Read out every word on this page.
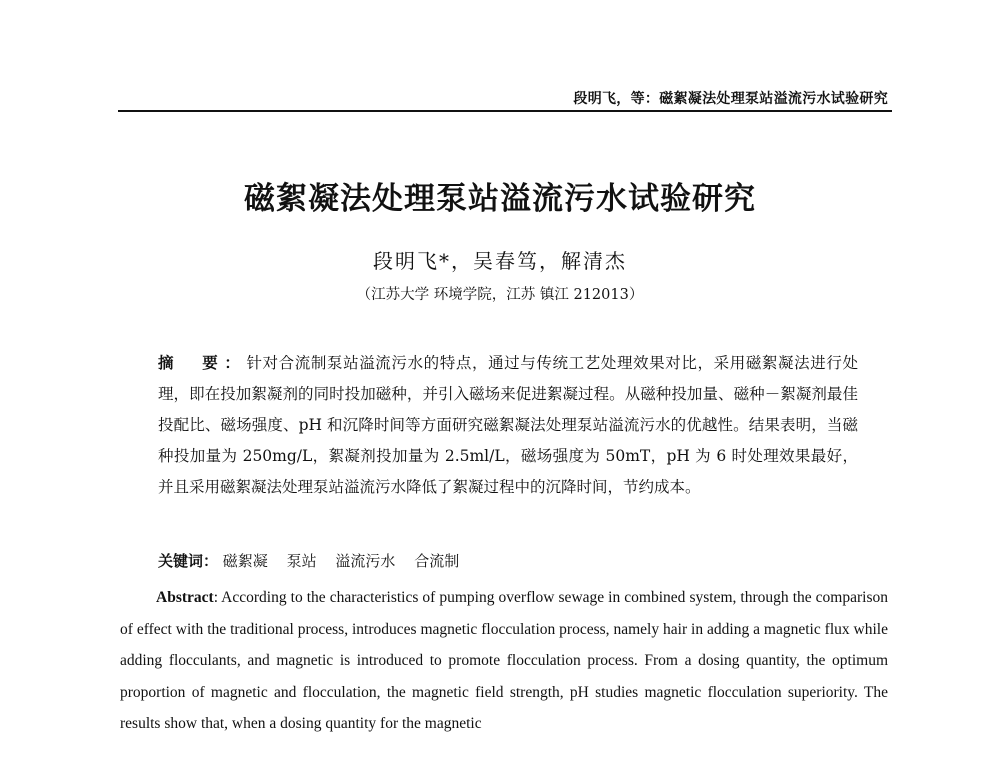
段明飞，等：磁絮凝法处理泵站溢流污水试验研究
磁絮凝法处理泵站溢流污水试验研究
段明飞*，吴春笃，解清杰
（江苏大学 环境学院，江苏 镇江 212013）
摘　要：针对合流制泵站溢流污水的特点，通过与传统工艺处理效果对比，采用磁絮凝法进行处理，即在投加絮凝剂的同时投加磁种，并引入磁场来促进絮凝过程。从磁种投加量、磁种－絮凝剂最佳投配比、磁场强度、pH 和沉降时间等方面研究磁絮凝法处理泵站溢流污水的优越性。结果表明，当磁种投加量为 250mg/L，絮凝剂投加量为 2.5ml/L，磁场强度为 50mT，pH 为 6 时处理效果最好，并且采用磁絮凝法处理泵站溢流污水降低了絮凝过程中的沉降时间，节约成本。
关键词： 磁絮凝 泵站 溢流污水 合流制
Abstract: According to the characteristics of pumping overflow sewage in combined system, through the comparison of effect with the traditional process, introduces magnetic flocculation process, namely hair in adding a magnetic flux while adding flocculants, and magnetic is introduced to promote flocculation process. From a dosing quantity, the optimum proportion of magnetic and flocculation, the magnetic field strength, pH studies magnetic flocculation superiority. The results show that, when a dosing quantity for the magnetic
